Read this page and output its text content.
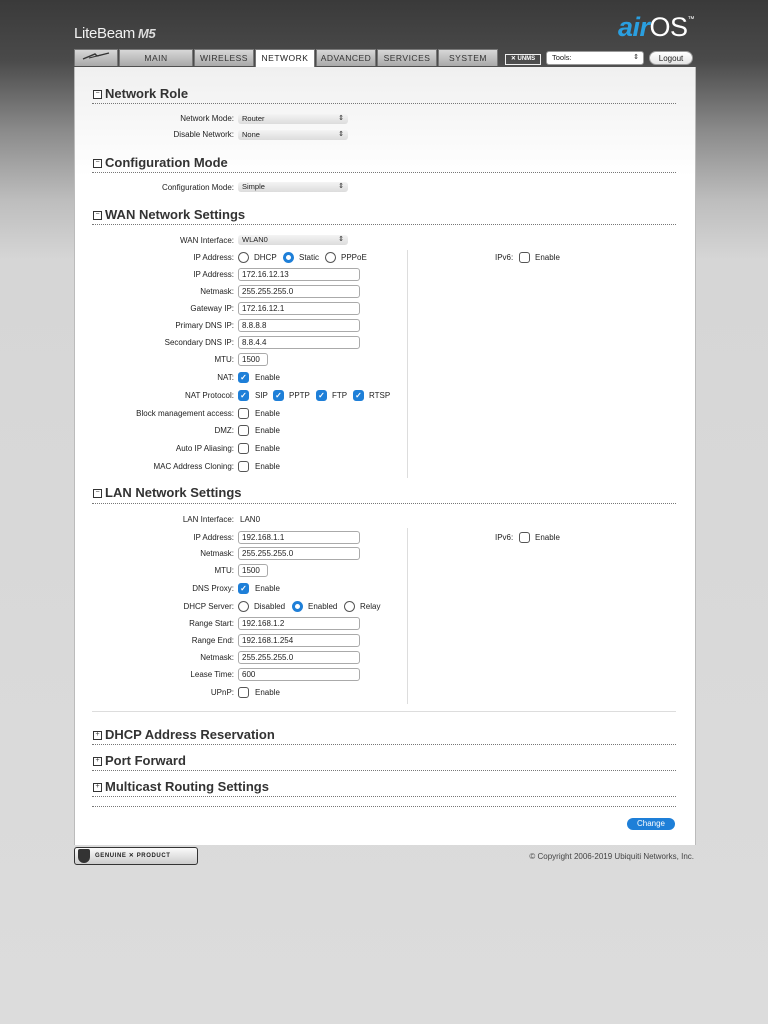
LiteBeam M5	airOS™
MAIN	WIRELESS	NETWORK	ADVANCED	SERVICES	SYSTEM	✕ UNMS	Tools:	⇕	Logout
− Network Role
Network Mode:	Router	⇕
Disable Network:	None	⇕
− Configuration Mode
Configuration Mode:	Simple	⇕
− WAN Network Settings
WAN Interface:	WLAN0	⇕
IP Address:	DHCP	Static	PPPoE	IPv6:	Enable
IP Address:	172.16.12.13
Netmask:	255.255.255.0
Gateway IP:	172.16.12.1
Primary DNS IP:	8.8.8.8
Secondary DNS IP:	8.8.4.4
MTU:	1500
NAT: ✓ Enable
NAT Protocol: ✓ SIP ✓ PPTP ✓ FTP ✓ RTSP
Block management access:	Enable
DMZ:	Enable
Auto IP Aliasing:	Enable
MAC Address Cloning:	Enable
− LAN Network Settings
LAN Interface: LAN0
IP Address:	192.168.1.1	IPv6:	Enable
Netmask:	255.255.255.0
MTU:	1500
DNS Proxy: ✓ Enable
DHCP Server:	Disabled	Enabled	Relay
Range Start:	192.168.1.2
Range End:	192.168.1.254
Netmask:	255.255.255.0
Lease Time:	600
UPnP:	Enable
+ DHCP Address Reservation
+ Port Forward
+ Multicast Routing Settings
Change
GENUINE ✕ PRODUCT	© Copyright 2006-2019 Ubiquiti Networks, Inc.
